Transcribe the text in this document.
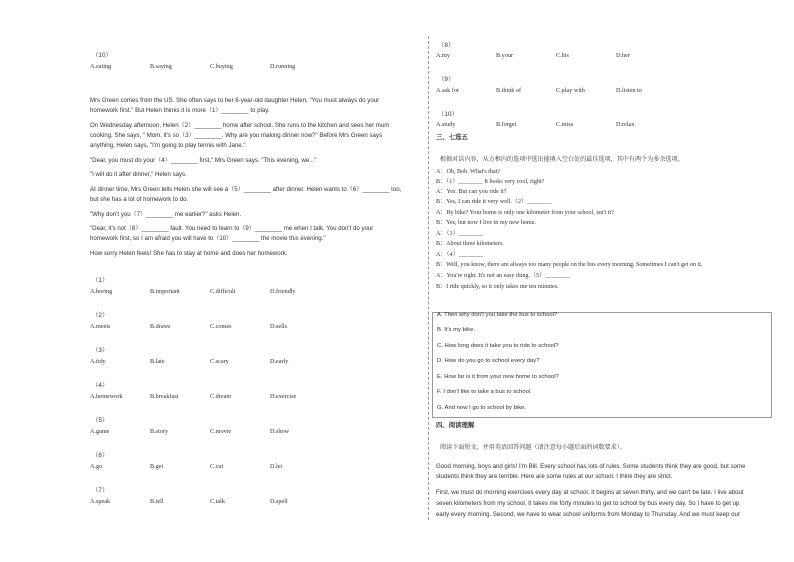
（10）
A.eating	B.saying	C.buying	D.running
Mrs Green comes from the US. She often says to her 8-year-old daughter Helen, "You must always do your
homework first." But Helen thinks it is more（1）________ to play.
On Wednesday afternoon, Helen（2）________ home after school. She runs to the kitchen and sees her mum
cooking. She says, " Mom, it's so（3）________. Why are you making dinner now?" Before Mrs Green says
anything, Helen says, "I'm going to play tennis with Jane."
"Dear, you must do your（4）________ first," Mrs Green says. "This evening, we..."
"I will do it after dinner," Helen says.
At dinner time, Mrs Green tells Helen she will see a（5）________ after dinner. Helen wants to（6）________ too,
but she has a lot of homework to do.
"Why don't you（7）________ me earlier?" asks Helen.
"Dear, it's not（8）________ fault. You need to learn to（9）________ me when I talk. You don't do your
homework first, so I am afraid you will have to（10）________ the movie this evening."
How sorry Helen feels! She has to stay at home and does her homework.
（1）
A.boring	B.important	C.difficult	D.friendly
（2）
A.meets	B.draws	C.comes	D.sells
（3）
A.tidy	B.late	C.scary	D.early
（4）
A.homework	B.breakfast	C.dream	D.exercise
（5）
A.game	B.story	C.movie	D.show
（6）
A.go	B.get	C.cut	D.let
（7）
A.speak	B.tell	C.talk	D.spell
（8）
A.my	B.your	C.his	D.her
（9）
A.ask for	B.think of	C.play with	D.listen to
（10）
A.study	B.forget	C.miss	D.relax
三、七选五
根据对话内容，从方框内的选项中选出能填入空白处的最佳选项，其中有两个为多余选项。
A：Oh, Bob. What's that?
B：（1）________ It looks very cool, right?
A：Yes. But can you ride it?
B：Yes, I can ride it very well.（2）________
A：By bike? Your home is only one kilometer from your school, isn't it?
B：Yes, but now I live in my new home.
A：（3）________
B：About three kilometers.
A：（4）________
B：Well, you know, there are always too many people on the bus every morning. Sometimes I can't get on it.
A：You're right. It's not an easy thing.（5）________
B：I ride quickly, so it only takes me ten minutes.
A. Then why don't you take the bus to school?
B. It's my bike.
C. How long does it take you to ride to school?
D. How do you go to school every day?
E. How far is it from your new home to school?
F. I don't like to take a bus to school.
G. And now I go to school by bike.
四、阅读理解
阅读下面短文，并用英语回答问题（请注意每小题后面的词数要求）。
Good morning, boys and girls! I'm Bill. Every school has lots of rules. Some students think they are good, but some
students think they are terrible. Here are some rules at our school. I think they are strict.
First, we must do morning exercises every day at school. It begins at seven thirty, and we can't be late. I live about
seven kilometers from my school. It takes me forty minutes to get to school by bus every day. So I have to get up
early every morning. Second, we have to wear school uniforms from Monday to Thursday. And we must keep our
